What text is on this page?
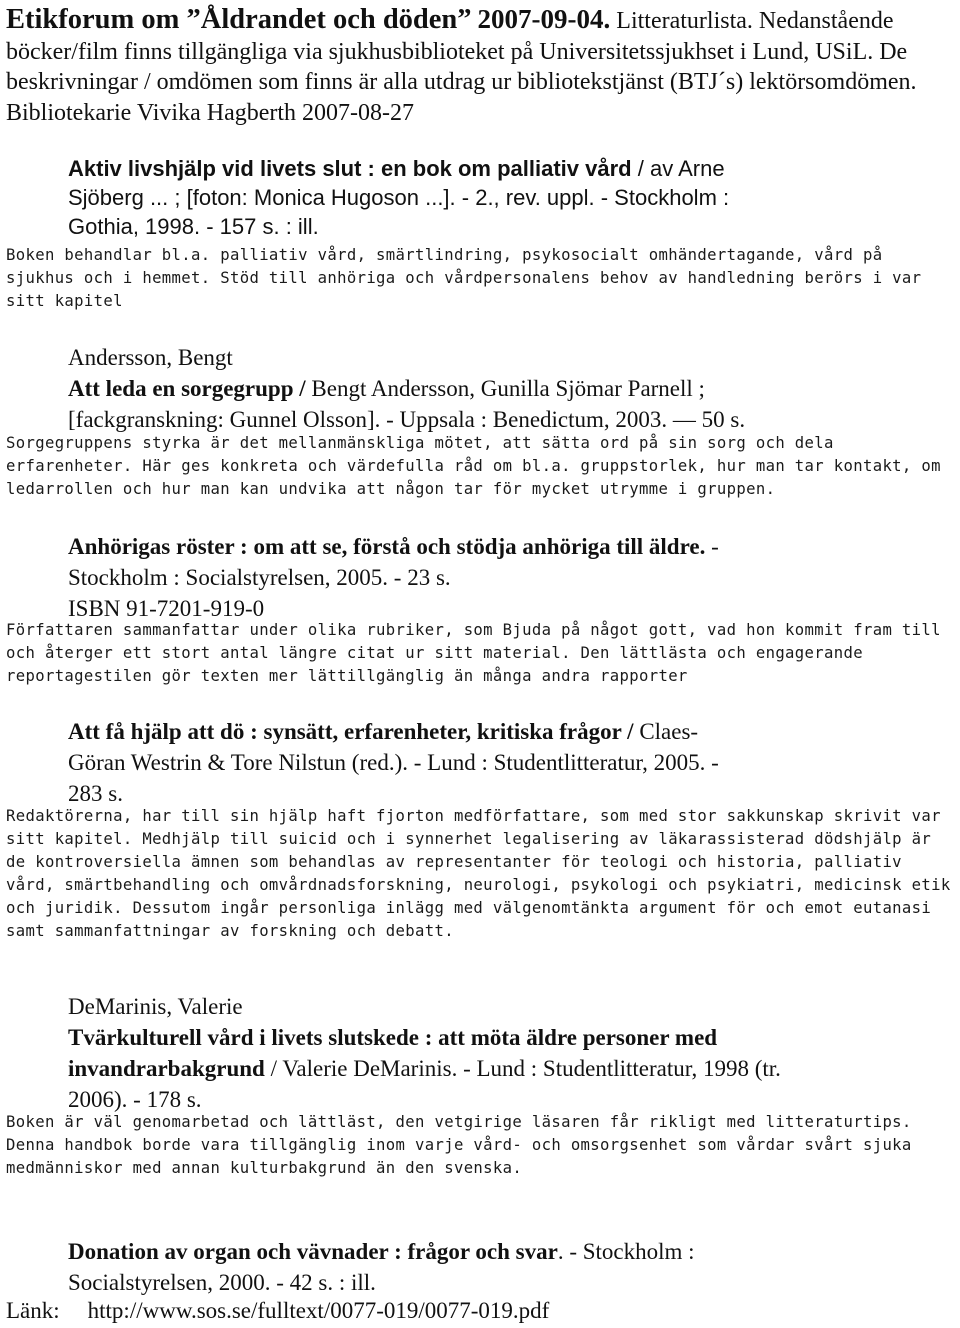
Etikforum om ”Åldrandet och döden” 2007-09-04. Litteraturlista. Nedanstående böcker/film finns tillgängliga via sjukhusbiblioteket på Universitetssjukhset i Lund, USiL. De beskrivningar / omdömen som finns är alla utdrag ur bibliotekstjänst (BTJ´s) lektörsomdömen. Bibliotekarie Vivika Hagberth 2007-08-27

Aktiv livshjälp vid livets slut : en bok om palliativ vård / av Arne Sjöberg ... ; [foton: Monica Hugoson ...]. - 2., rev. uppl. - Stockholm : Gothia, 1998. - 157 s. : ill.

Boken behandlar bl.a. palliativ vård, smärtlindring, psykosocialt omhändertagande, vård på sjukhus och i hemmet. Stöd till anhöriga och vårdpersonalens behov av handledning berörs i var sitt kapitel

Andersson, Bengt
Att leda en sorgegrupp / Bengt Andersson, Gunilla Sjömar Parnell ; [fackgranskning: Gunnel Olsson]. - Uppsala : Benedictum, 2003. — 50 s.

Sorgegruppens styrka är det mellanmänskliga mötet, att sätta ord på sin sorg och dela erfarenheter. Här ges konkreta och värdefulla råd om bl.a. gruppstorlek, hur man tar kontakt, om ledarrollen och hur man kan undvika att någon tar för mycket utrymme i gruppen.

Anhörigas röster : om att se, förstå och stödja anhöriga till äldre. - Stockholm : Socialstyrelsen, 2005. - 23 s.
ISBN 91-7201-919-0

Författaren sammanfattar under olika rubriker, som Bjuda på något gott, vad hon kommit fram till och återger ett stort antal längre citat ur sitt material. Den lättlästa och engagerande reportagestilen gör texten mer lättillgänglig än många andra rapporter

Att få hjälp att dö : synsätt, erfarenheter, kritiska frågor / Claes-Göran Westrin & Tore Nilstun (red.). - Lund : Studentlitteratur, 2005. - 283 s.

Redaktörerna, har till sin hjälp haft fjorton medförfattare, som med stor sakkunskap skrivit var sitt kapitel. Medhjälp till suicid och i synnerhet legalisering av läkarassisterad dödshjälp är de kontroversiella ämnen som behandlas av representanter för teologi och historia, palliativ vård, smärtbehandling och omvårdnadsforskning, neurologi, psykologi och psykiatri, medicinsk etik och juridik. Dessutom ingår personliga inlägg med välgenomtänkta argument för och emot eutanasi samt sammanfattningar av forskning och debatt.

DeMarinis, Valerie
Tvärkulturell vård i livets slutskede : att möta äldre personer med invandrarbakgrund / Valerie DeMarinis. - Lund : Studentlitteratur, 1998 (tr. 2006). - 178 s.

Boken är väl genomarbetad och lättläst, den vetgirige läsaren får rikligt med litteraturtips. Denna handbok borde vara tillgänglig inom varje vård- och omsorgsenhet som vårdar svårt sjuka medmänniskor med annan kulturbakgrund än den svenska.

Donation av organ och vävnader : frågor och svar. - Stockholm : Socialstyrelsen, 2000. - 42 s. : ill.

Länk: http://www.sos.se/fulltext/0077-019/0077-019.pdf
